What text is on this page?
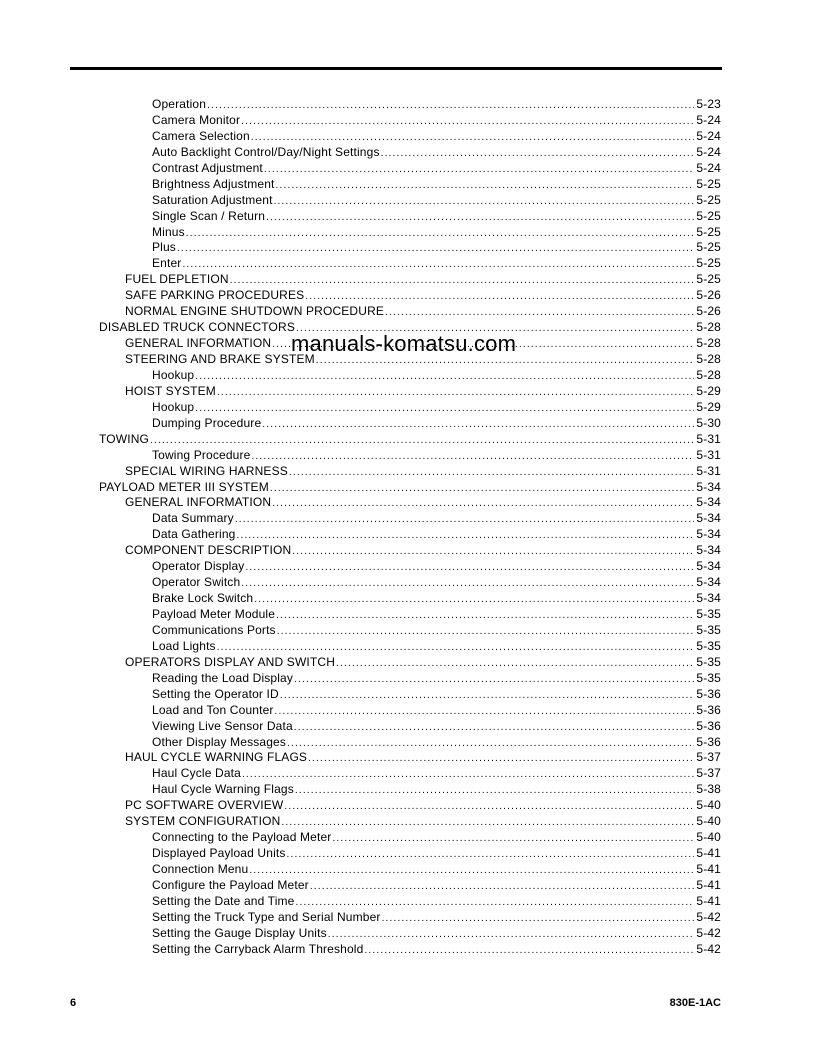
Operation .....	5-23
Camera Monitor .....	5-24
Camera Selection .....	5-24
Auto Backlight Control/Day/Night Settings .....	5-24
Contrast Adjustment .....	5-24
Brightness Adjustment .....	5-25
Saturation Adjustment .....	5-25
Single Scan / Return .....	5-25
Minus .....	5-25
Plus .....	5-25
Enter .....	5-25
FUEL DEPLETION .....	5-25
SAFE PARKING PROCEDURES .....	5-26
NORMAL ENGINE SHUTDOWN PROCEDURE .....	5-26
DISABLED TRUCK CONNECTORS .....	5-28
GENERAL INFORMATION .....	5-28
STEERING AND BRAKE SYSTEM .....	5-28
Hookup .....	5-28
HOIST SYSTEM .....	5-29
Hookup .....	5-29
Dumping Procedure .....	5-30
TOWING .....	5-31
Towing Procedure .....	5-31
SPECIAL WIRING HARNESS .....	5-31
PAYLOAD METER III SYSTEM .....	5-34
GENERAL INFORMATION .....	5-34
Data Summary .....	5-34
Data Gathering .....	5-34
COMPONENT DESCRIPTION .....	5-34
Operator Display .....	5-34
Operator Switch .....	5-34
Brake Lock Switch .....	5-34
Payload Meter Module .....	5-35
Communications Ports .....	5-35
Load Lights .....	5-35
OPERATORS DISPLAY AND SWITCH .....	5-35
Reading the Load Display .....	5-35
Setting the Operator ID .....	5-36
Load and Ton Counter .....	5-36
Viewing Live Sensor Data .....	5-36
Other Display Messages .....	5-36
HAUL CYCLE WARNING FLAGS .....	5-37
Haul Cycle Data .....	5-37
Haul Cycle Warning Flags .....	5-38
PC SOFTWARE OVERVIEW .....	5-40
SYSTEM CONFIGURATION .....	5-40
Connecting to the Payload Meter .....	5-40
Displayed Payload Units .....	5-41
Connection Menu .....	5-41
Configure the Payload Meter .....	5-41
Setting the Date and Time .....	5-41
Setting the Truck Type and Serial Number .....	5-42
Setting the Gauge Display Units .....	5-42
Setting the Carryback Alarm Threshold .....	5-42
manuals-komatsu.com
6	830E-1AC
